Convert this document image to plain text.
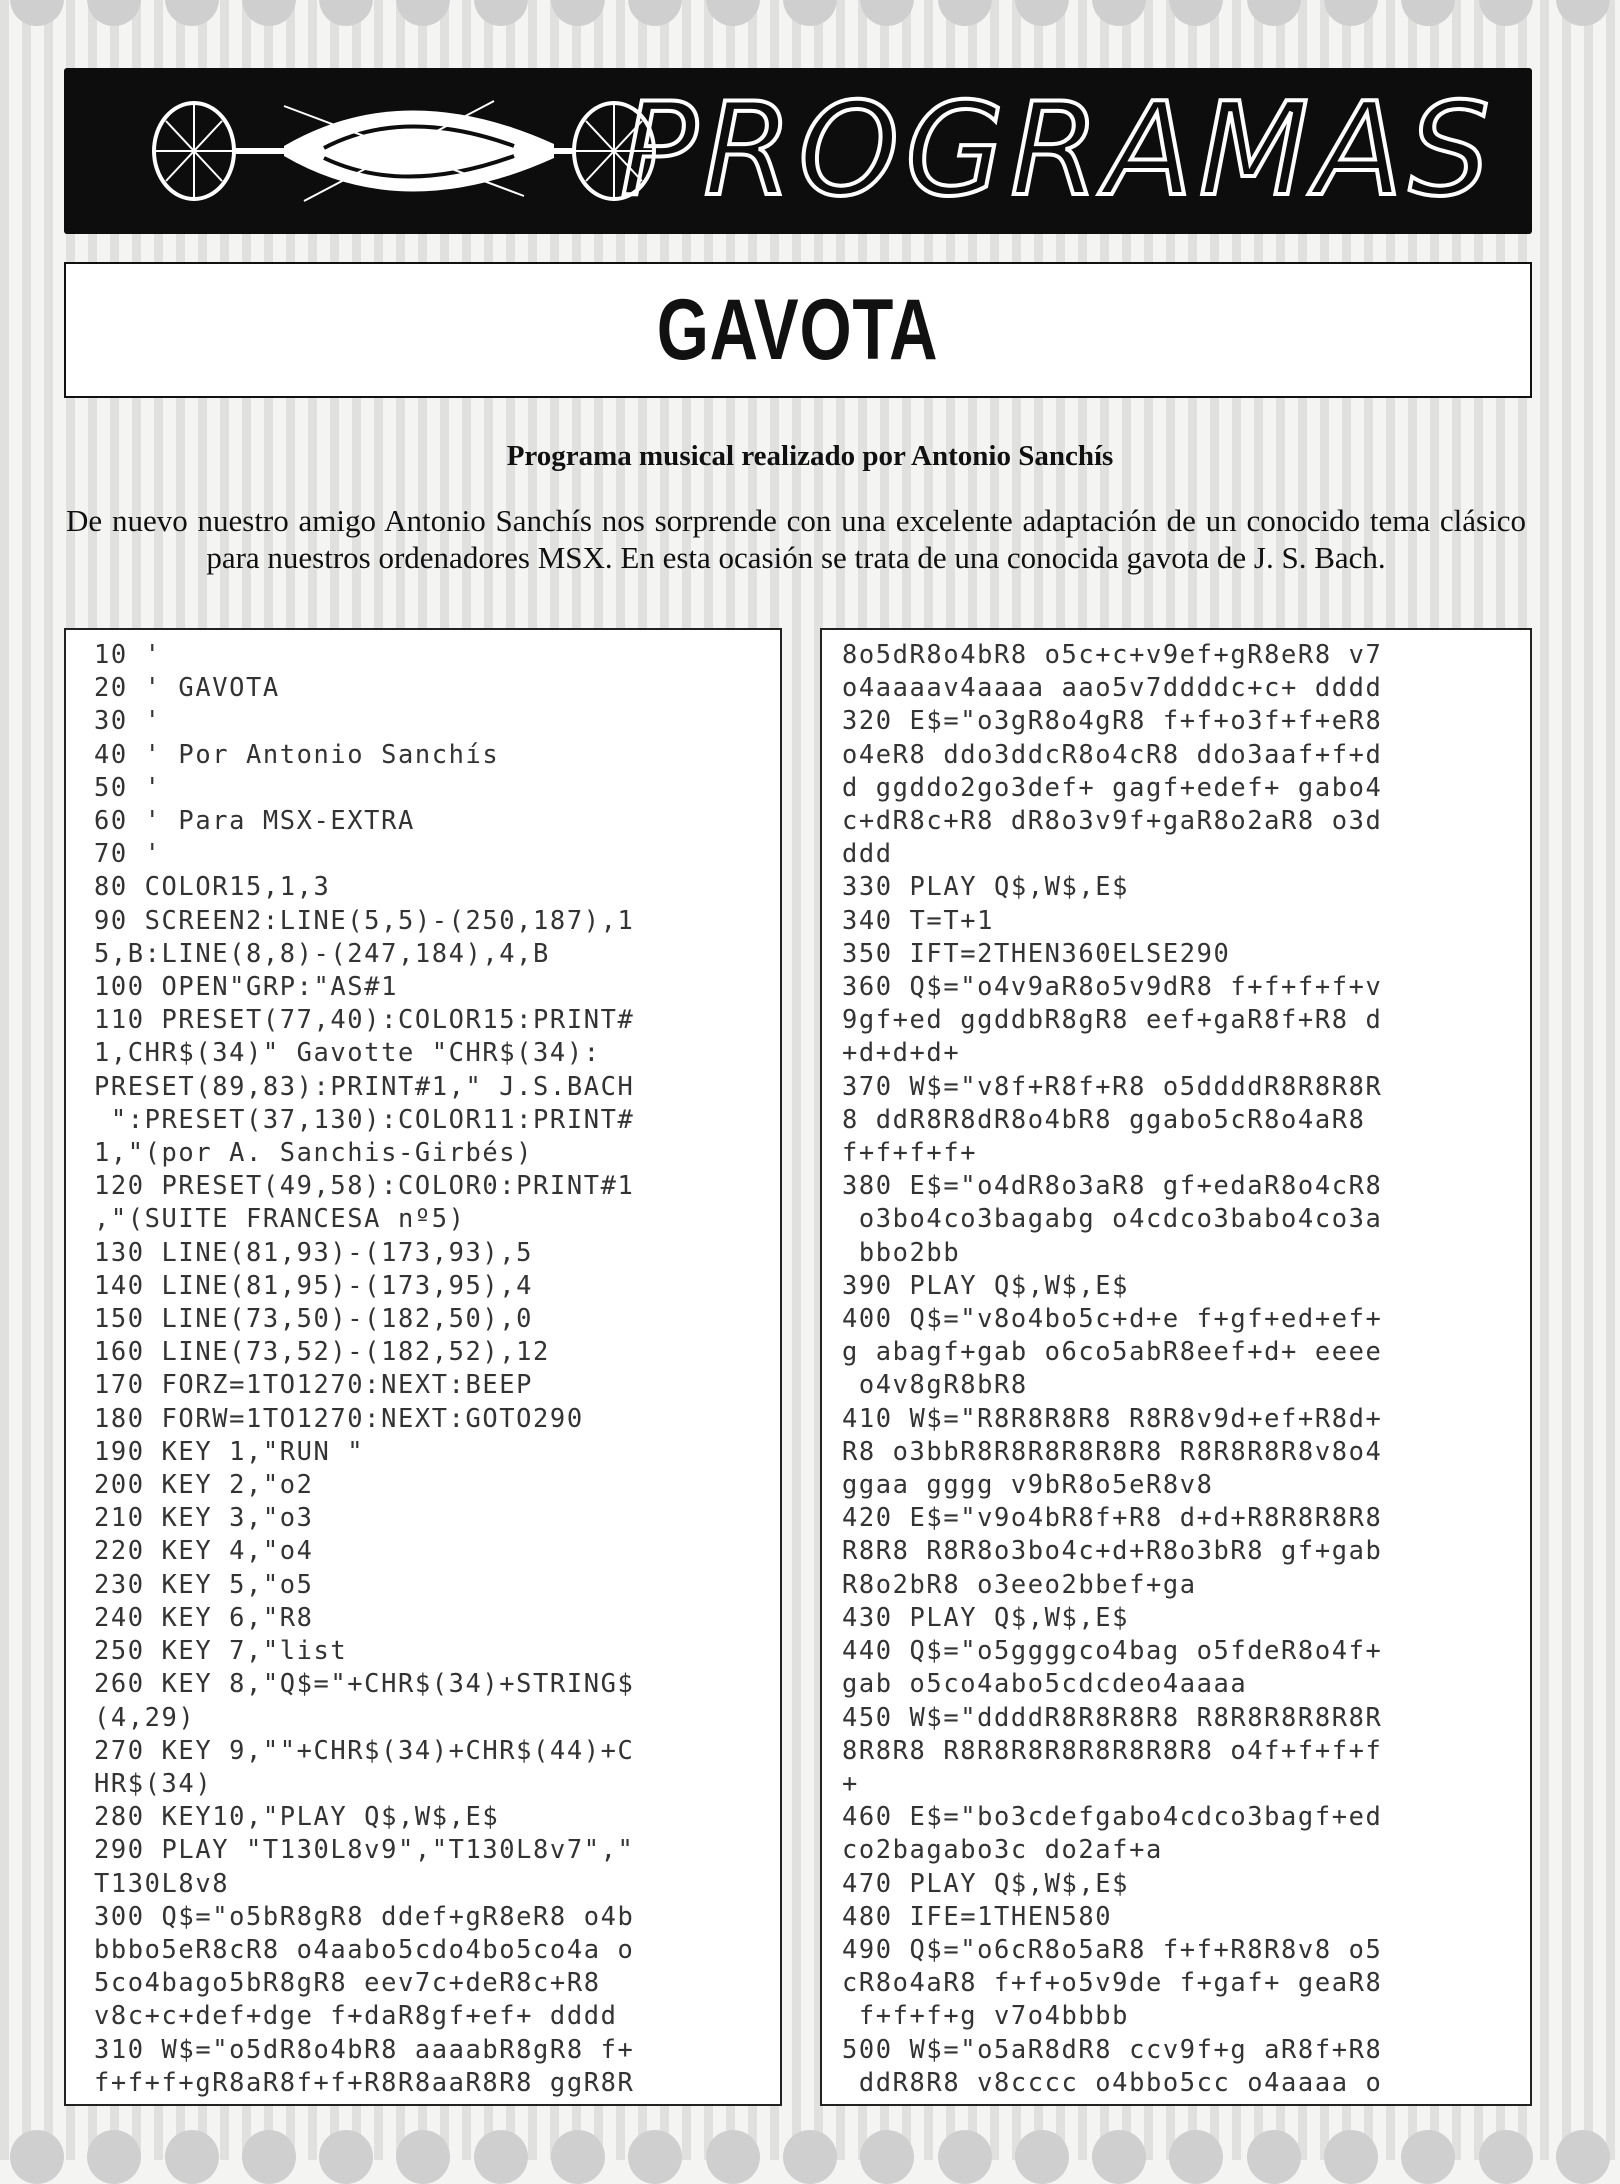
PROGRAMAS
GAVOTA
Programa musical realizado por Antonio Sanchís
De nuevo nuestro amigo Antonio Sanchís nos sorprende con una excelente adaptación de un conocido tema clásico para nuestros ordenadores MSX. En esta ocasión se trata de una conocida gavota de J. S. Bach.
10 '
20 ' GAVOTA
30 '
40 ' Por Antonio Sanchís
50 '
60 ' Para MSX-EXTRA
70 '
80 COLOR15,1,3
90 SCREEN2:LINE(5,5)-(250,187),1
5,B:LINE(8,8)-(247,184),4,B
100 OPEN"GRP:"AS#1
110 PRESET(77,40):COLOR15:PRINT#
1,CHR$(34)" Gavotte "CHR$(34):
PRESET(89,83):PRINT#1," J.S.BACH
":PRESET(37,130):COLOR11:PRINT#
1,"(por A. Sanchis-Girbés)
120 PRESET(49,58):COLOR0:PRINT#1
,"(SUITE FRANCESA nº5)
130 LINE(81,93)-(173,93),5
140 LINE(81,95)-(173,95),4
150 LINE(73,50)-(182,50),0
160 LINE(73,52)-(182,52),12
170 FORZ=1TO1270:NEXT:BEEP
180 FORW=1TO1270:NEXT:GOTO290
190 KEY 1,"RUN "
200 KEY 2,"o2
210 KEY 3,"o3
220 KEY 4,"o4
230 KEY 5,"o5
240 KEY 6,"R8
250 KEY 7,"list
260 KEY 8,"Q$="+CHR$(34)+STRING$
(4,29)
270 KEY 9,""+CHR$(34)+CHR$(44)+C
HR$(34)
280 KEY10,"PLAY Q$,W$,E$
290 PLAY "T130L8v9","T130L8v7","
T130L8v8
300 Q$="o5bR8gR8 ddef+gR8eR8 o4b
bbbo5eR8cR8 o4aabo5cdo4bo5co4a o
5co4bago5bR8gR8 eev7c+deR8c+R8
v8c+c+def+dge f+daR8gf+ef+ dddd
310 W$="o5dR8o4bR8 aaaabR8gR8 f+
f+f+f+gR8aR8f+f+R8R8aaR8R8 ggR8R
8o5dR8o4bR8 o5c+c+v9ef+gR8eR8 v7
o4aaaav4aaaa aao5v7ddddc+c+ dddd
320 E$="o3gR8o4gR8 f+f+o3f+f+eR8
o4eR8 ddo3ddcR8o4cR8 ddo3aaf+f+d
d ggddo2go3def+ gagf+edef+ gabo4
c+dR8c+R8 dR8o3v9f+gaR8o2aR8 o3d
ddd
330 PLAY Q$,W$,E$
340 T=T+1
350 IFT=2THEN360ELSE290
360 Q$="o4v9aR8o5v9dR8 f+f+f+f+v
9gf+ed ggddbR8gR8 eef+gaR8f+R8 d
+d+d+d+
370 W$="v8f+R8f+R8 o5ddddR8R8R8R
8 ddR8R8dR8o4bR8 ggabo5cR8o4aR8
f+f+f+f+
380 E$="o4dR8o3aR8 gf+edaR8o4cR8
o3bo4co3bagabg o4cdco3babo4co3a
bbo2bb
390 PLAY Q$,W$,E$
400 Q$="v8o4bo5c+d+e f+gf+ed+ef+
g abagf+gab o6co5abR8eef+d+ eeee
o4v8gR8bR8
410 W$="R8R8R8R8 R8R8v9d+ef+R8d+
R8 o3bbR8R8R8R8R8R8 R8R8R8R8v8o4
ggaa gggg v9bR8o5eR8v8
420 E$="v9o4bR8f+R8 d+d+R8R8R8R8
R8R8 R8R8o3bo4c+d+R8o3bR8 gf+gab
R8o2bR8 o3eeo2bbef+ga
430 PLAY Q$,W$,E$
440 Q$="o5ggggco4bag o5fdeR8o4f+
gab o5co4abo5cdcdeo4aaaa
450 W$="ddddR8R8R8R8 R8R8R8R8R8R
8R8R8 R8R8R8R8R8R8R8R8 o4f+f+f+f
+
460 E$="bo3cdefgabo4cdco3bagf+ed
co2bagabo3c do2af+a
470 PLAY Q$,W$,E$
480 IFE=1THEN580
490 Q$="o6cR8o5aR8 f+f+R8R8v8 o5
cR8o4aR8 f+f+o5v9de f+gaf+ geaR8
f+f+f+g v7o4bbbb
500 W$="o5aR8dR8 ccv9f+g aR8f+R8
ddR8R8 v8cccc o4bbo5cc o4aaaa o
